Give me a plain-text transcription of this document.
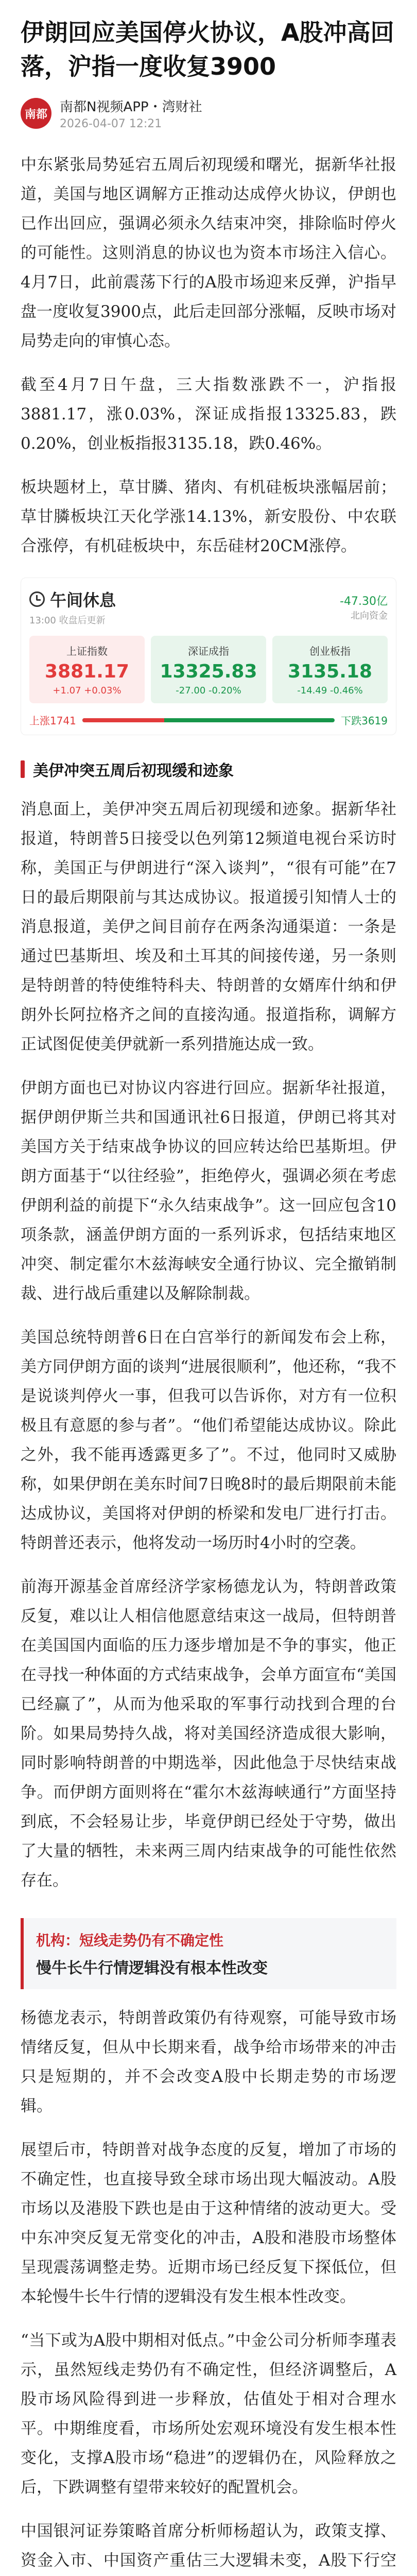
伊朗回应美国停火协议，A股冲高回落，沪指一度收复3900
南都 南都N视频APP・湾财社
2026-04-07 12:21

中东紧张局势延宕五周后初现缓和曙光，据新华社报道，美国与地区调解方正推动达成停火协议，伊朗也已作出回应，强调必须永久结束冲突，排除临时停火的可能性。这则消息的协议也为资本市场注入信心。4月7日，此前震荡下行的A股市场迎来反弹，沪指早盘一度收复3900点，此后走回部分涨幅，反映市场对局势走向的审慎心态。

截至4月7日午盘，三大指数涨跌不一，沪指报3881.17，涨0.03%，深证成指报13325.83，跌0.20%，创业板指报3135.18，跌0.46%。

板块题材上，草甘膦、猪肉、有机硅板块涨幅居前；草甘膦板块江天化学涨14.13%，新安股份、中农联合涨停，有机硅板块中，东岳硅材20CM涨停。

午间休息
13:00 收盘后更新
-47.30亿
北向资金
上证指数
3881.17
+1.07 +0.03%
深证成指
13325.83
-27.00 -0.20%
创业板指
3135.18
-14.49 -0.46%
上涨1741	下跌3619
美伊冲突五周后初现缓和迹象

消息面上，美伊冲突五周后初现缓和迹象。据新华社报道，特朗普5日接受以色列第12频道电视台采访时称，美国正与伊朗进行“深入谈判”，“很有可能”在7日的最后期限前与其达成协议。报道援引知情人士的消息报道，美伊之间目前存在两条沟通渠道：一条是通过巴基斯坦、埃及和土耳其的间接传递，另一条则是特朗普的特使维特科夫、特朗普的女婿库什纳和伊朗外长阿拉格齐之间的直接沟通。报道指称，调解方正试图促使美伊就新一系列措施达成一致。

伊朗方面也已对协议内容进行回应。据新华社报道，据伊朗伊斯兰共和国通讯社6日报道，伊朗已将其对美国方关于结束战争协议的回应转达给巴基斯坦。伊朗方面基于“以往经验”，拒绝停火，强调必须在考虑伊朗利益的前提下“永久结束战争”。这一回应包含10项条款，涵盖伊朗方面的一系列诉求，包括结束地区冲突、制定霍尔木兹海峡安全通行协议、完全撤销制裁、进行战后重建以及解除制裁。

美国总统特朗普6日在白宫举行的新闻发布会上称，美方同伊朗方面的谈判“进展很顺利”，他还称，“我不是说谈判停火一事，但我可以告诉你，对方有一位积极且有意愿的参与者”。“他们希望能达成协议。除此之外，我不能再透露更多了”。不过，他同时又威胁称，如果伊朗在美东时间7日晚8时的最后期限前未能达成协议，美国将对伊朗的桥梁和发电厂进行打击。特朗普还表示，他将发动一场历时4小时的空袭。

前海开源基金首席经济学家杨德龙认为，特朗普政策反复，难以让人相信他愿意结束这一战局，但特朗普在美国国内面临的压力逐步增加是不争的事实，他正在寻找一种体面的方式结束战争，会单方面宣布“美国已经赢了”，从而为他采取的军事行动找到合理的台阶。如果局势持久战，将对美国经济造成很大影响，同时影响特朗普的中期选举，因此他急于尽快结束战争。而伊朗方面则将在“霍尔木兹海峡通行”方面坚持到底，不会轻易让步，毕竟伊朗已经处于守势，做出了大量的牺牲，未来两三周内结束战争的可能性依然存在。

机构：短线走势仍有不确定性
慢牛长牛行情逻辑没有根本性改变

杨德龙表示，特朗普政策仍有待观察，可能导致市场情绪反复，但从中长期来看，战争给市场带来的冲击只是短期的，并不会改变A股中长期走势的市场逻辑。

展望后市，特朗普对战争态度的反复，增加了市场的不确定性，也直接导致全球市场出现大幅波动。A股市场以及港股下跌也是由于这种情绪的波动更大。受中东冲突反复无常变化的冲击，A股和港股市场整体呈现震荡调整走势。近期市场已经反复下探低位，但本轮慢牛长牛行情的逻辑没有发生根本性改变。

“当下或为A股中期相对低点。”中金公司分析师李瑾表示，虽然短线走势仍有不确定性，但经济调整后，A股市场风险得到进一步释放，估值处于相对合理水平。中期维度看，市场所处宏观环境没有发生根本性变化，支撑A股市场“稳进”的逻辑仍在，风险释放之后，下跌调整有望带来较好的配置机会。

中国银河证券策略首席分析师杨超认为，政策支撑、资金入市、中国资产重估三大逻辑未变，A股下行空
